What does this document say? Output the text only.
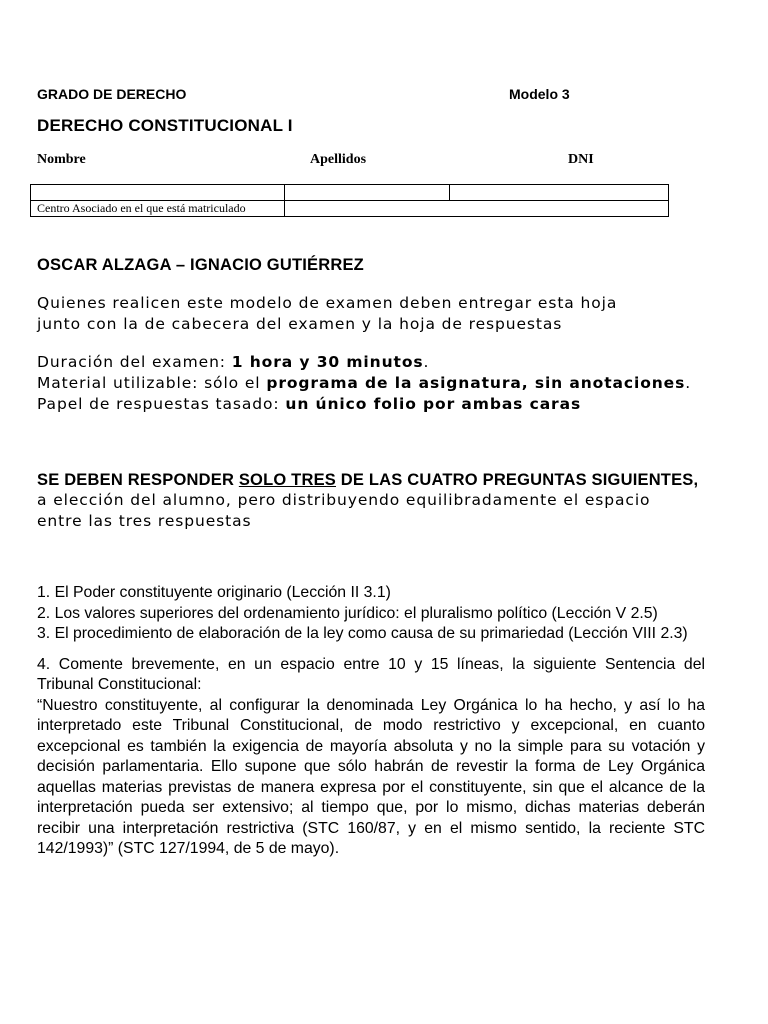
GRADO DE DERECHO	Modelo 3
DERECHO CONSTITUCIONAL I
Nombre	Apellidos	DNI

Centro Asociado en el que está matriculado		
OSCAR ALZAGA – IGNACIO GUTIÉRREZ
Quienes realicen este modelo de examen deben entregar esta hoja
junto con la de cabecera del examen y la hoja de respuestas
Duración del examen: 1 hora y 30 minutos.
Material utilizable: sólo el programa de la asignatura, sin anotaciones.
Papel de respuestas tasado: un único folio por ambas caras
SE DEBEN RESPONDER SOLO TRES DE LAS CUATRO PREGUNTAS SIGUIENTES,
a elección del alumno, pero distribuyendo equilibradamente el espacio
entre las tres respuestas
1. El Poder constituyente originario (Lección II 3.1)
2. Los valores superiores del ordenamiento jurídico: el pluralismo político (Lección V 2.5)
3. El procedimiento de elaboración de la ley como causa de su primariedad (Lección VIII 2.3)
4. Comente brevemente, en un espacio entre 10 y 15 líneas, la siguiente Sentencia del Tribunal Constitucional:
“Nuestro constituyente, al configurar la denominada Ley Orgánica lo ha hecho, y así lo ha interpretado este Tribunal Constitucional, de modo restrictivo y excepcional, en cuanto excepcional es también la exigencia de mayoría absoluta y no la simple para su votación y decisión parlamentaria. Ello supone que sólo habrán de revestir la forma de Ley Orgánica aquellas materias previstas de manera expresa por el constituyente, sin que el alcance de la interpretación pueda ser extensivo; al tiempo que, por lo mismo, dichas materias deberán recibir una interpretación restrictiva (STC 160/87, y en el mismo sentido, la reciente STC 142/1993)” (STC 127/1994, de 5 de mayo).
